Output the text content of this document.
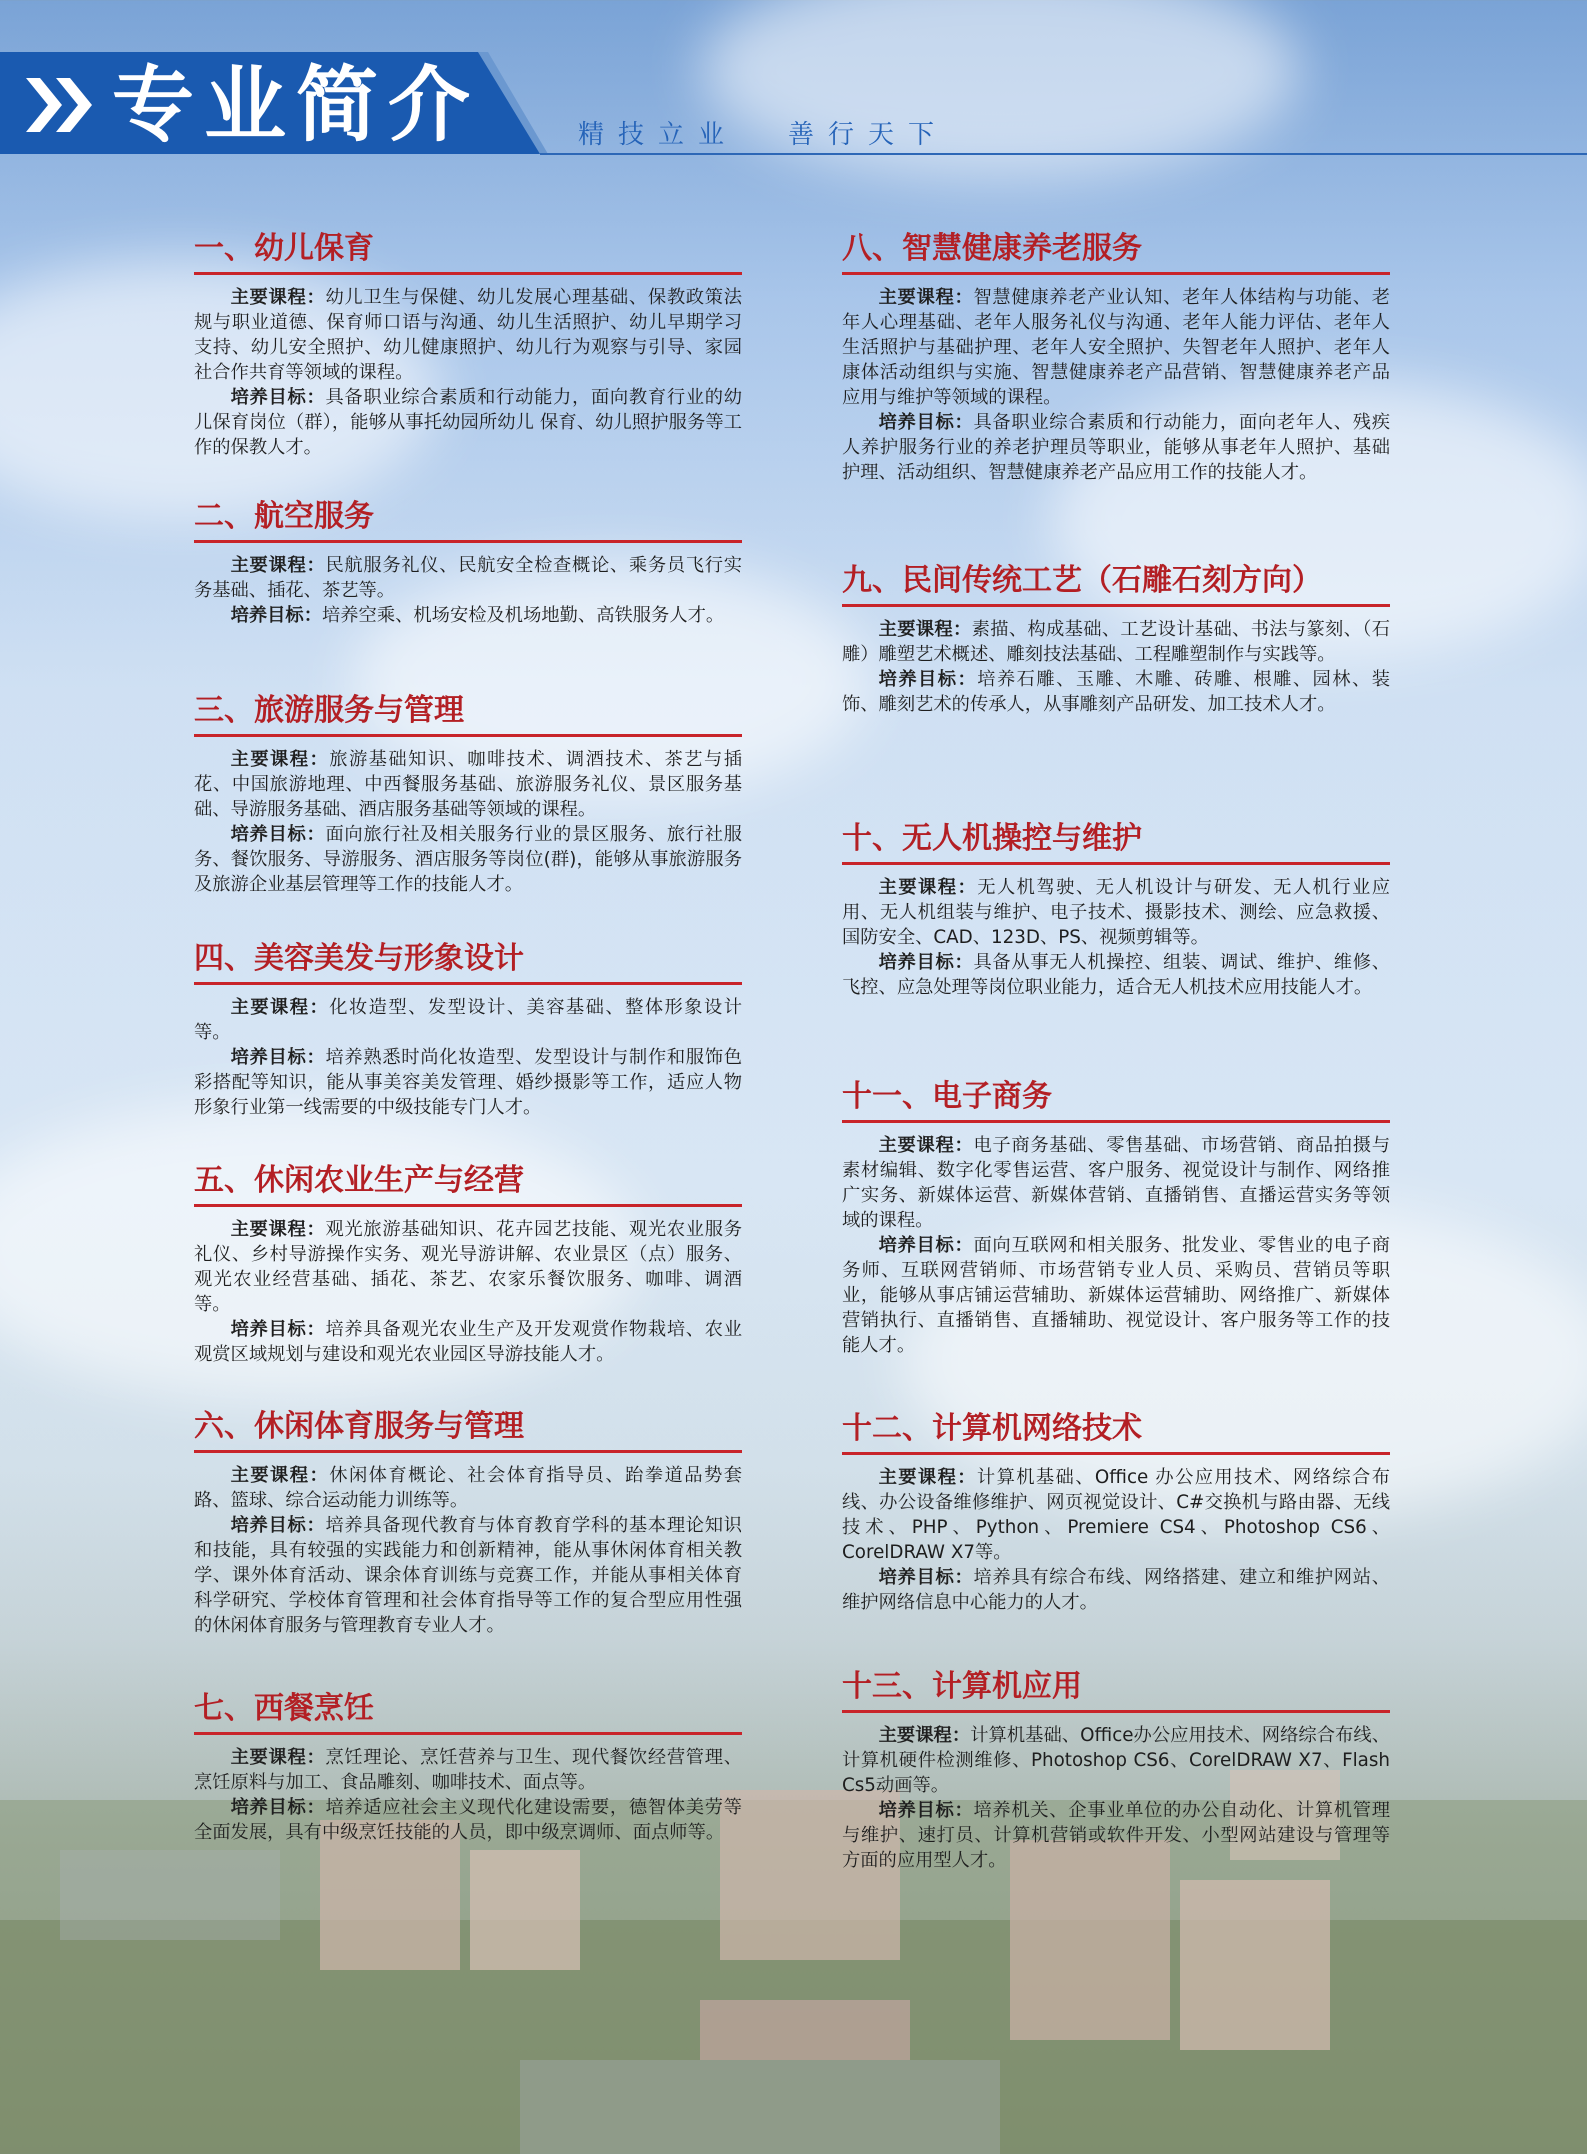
专业简介	精技立业 善行天下
一、幼儿保育

主要课程：幼儿卫生与保健、幼儿发展心理基础、保教政策法规与职业道德、保育师口语与沟通、幼儿生活照护、幼儿早期学习支持、幼儿安全照护、幼儿健康照护、幼儿行为观察与引导、家园社合作共育等领域的课程。

培养目标：具备职业综合素质和行动能力，面向教育行业的幼儿保育岗位（群），能够从事托幼园所幼儿 保育、幼儿照护服务等工作的保教人才。

二、航空服务

主要课程：民航服务礼仪、民航安全检查概论、乘务员飞行实务基础、插花、茶艺等。

培养目标：培养空乘、机场安检及机场地勤、高铁服务人才。

三、旅游服务与管理

主要课程：旅游基础知识、咖啡技术、调酒技术、茶艺与插花、中国旅游地理、中西餐服务基础、旅游服务礼仪、景区服务基础、导游服务基础、酒店服务基础等领域的课程。

培养目标：面向旅行社及相关服务行业的景区服务、旅行社服务、餐饮服务、导游服务、酒店服务等岗位(群)，能够从事旅游服务及旅游企业基层管理等工作的技能人才。

四、美容美发与形象设计

主要课程：化妆造型、发型设计、美容基础、整体形象设计等。

培养目标：培养熟悉时尚化妆造型、发型设计与制作和服饰色彩搭配等知识，能从事美容美发管理、婚纱摄影等工作，适应人物形象行业第一线需要的中级技能专门人才。

五、休闲农业生产与经营

主要课程：观光旅游基础知识、花卉园艺技能、观光农业服务礼仪、乡村导游操作实务、观光导游讲解、农业景区（点）服务、观光农业经营基础、插花、茶艺、农家乐餐饮服务、咖啡、调酒等。

培养目标：培养具备观光农业生产及开发观赏作物栽培、农业观赏区域规划与建设和观光农业园区导游技能人才。

六、休闲体育服务与管理

主要课程：休闲体育概论、社会体育指导员、跆拳道品势套路、篮球、综合运动能力训练等。

培养目标：培养具备现代教育与体育教育学科的基本理论知识和技能，具有较强的实践能力和创新精神，能从事休闲体育相关教学、课外体育活动、课余体育训练与竞赛工作，并能从事相关体育科学研究、学校体育管理和社会体育指导等工作的复合型应用性强的休闲体育服务与管理教育专业人才。

七、西餐烹饪

主要课程：烹饪理论、烹饪营养与卫生、现代餐饮经营管理、烹饪原料与加工、食品雕刻、咖啡技术、面点等。

培养目标：培养适应社会主义现代化建设需要，德智体美劳等全面发展，具有中级烹饪技能的人员，即中级烹调师、面点师等。

八、智慧健康养老服务

主要课程：智慧健康养老产业认知、老年人体结构与功能、老年人心理基础、老年人服务礼仪与沟通、老年人能力评估、老年人生活照护与基础护理、老年人安全照护、失智老年人照护、老年人康体活动组织与实施、智慧健康养老产品营销、智慧健康养老产品应用与维护等领域的课程。

培养目标：具备职业综合素质和行动能力，面向老年人、残疾人养护服务行业的养老护理员等职业，能够从事老年人照护、基础护理、活动组织、智慧健康养老产品应用工作的技能人才。

九、民间传统工艺（石雕石刻方向）

主要课程：素描、构成基础、工艺设计基础、书法与篆刻、（石雕）雕塑艺术概述、雕刻技法基础、工程雕塑制作与实践等。

培养目标：培养石雕、玉雕、木雕、砖雕、根雕、园林、装饰、雕刻艺术的传承人，从事雕刻产品研发、加工技术人才。

十、无人机操控与维护

主要课程：无人机驾驶、无人机设计与研发、无人机行业应用、无人机组装与维护、电子技术、摄影技术、测绘、应急救援、国防安全、CAD、123D、PS、视频剪辑等。

培养目标：具备从事无人机操控、组装、调试、维护、维修、飞控、应急处理等岗位职业能力，适合无人机技术应用技能人才。

十一、电子商务

主要课程：电子商务基础、零售基础、市场营销、商品拍摄与素材编辑、数字化零售运营、客户服务、视觉设计与制作、网络推广实务、新媒体运营、新媒体营销、直播销售、直播运营实务等领域的课程。

培养目标：面向互联网和相关服务、批发业、零售业的电子商务师、互联网营销师、市场营销专业人员、采购员、营销员等职业，能够从事店铺运营辅助、新媒体运营辅助、网络推广、新媒体营销执行、直播销售、直播辅助、视觉设计、客户服务等工作的技能人才。

十二、计算机网络技术

主要课程：计算机基础、Office 办公应用技术、网络综合布线、办公设备维修维护、网页视觉设计、C#交换机与路由器、无线技术、PHP、Python、Premiere CS4、Photoshop CS6、CorelDRAW X7等。

培养目标：培养具有综合布线、网络搭建、建立和维护网站、维护网络信息中心能力的人才。

十三、计算机应用

主要课程：计算机基础、Office办公应用技术、网络综合布线、计算机硬件检测维修、Photoshop CS6、CorelDRAW X7、Flash Cs5动画等。

培养目标：培养机关、企事业单位的办公自动化、计算机管理与维护、速打员、计算机营销或软件开发、小型网站建设与管理等方面的应用型人才。
